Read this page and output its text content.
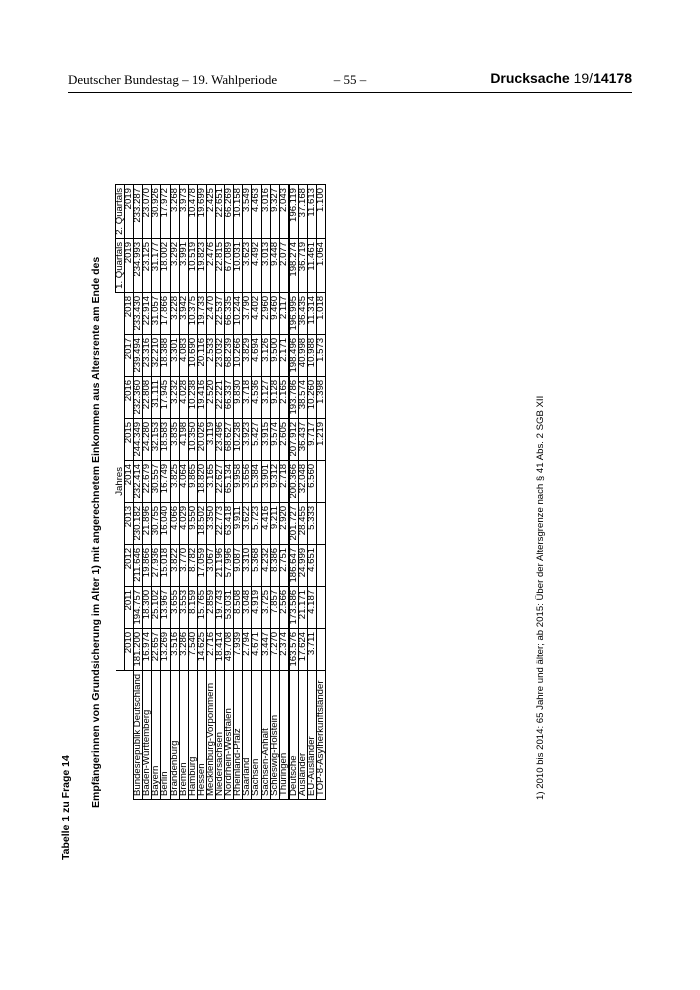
Deutscher Bundestag – 19. Wahlperiode	– 55 –	Drucksache 19/14178
Tabelle 1 zu Frage 14 Empfängerinnen von Grundsicherung im Alter 1) mit angerechnetem Einkommen aus Altersrente am Ende des
	Jahres									1. Quartals	2. Quartals
	2010	2011	2012	2013	2014	2015	2016	2017	2018	2019	2019
Bundesrepublik Deutschland	181.200	194.757	211.646	230.182	232.414	244.349	232.360	239.494	233.430	234.993	233.287
Baden-Württemberg	16.974	18.300	19.866	21.896	22.679	24.280	22.808	23.316	22.914	23.125	23.070
Bayern	22.657	25.102	27.936	30.755	30.557	32.153	31.111	32.210	31.057	31.177	30.926
Berlin	13.269	13.967	15.018	16.040	16.749	18.583	17.945	18.388	17.866	18.002	17.972
Brandenburg	3.516	3.655	3.822	4.066	3.825	3.835	3.232	3.301	3.228	3.292	3.268
Bremen	3.286	3.553	3.770	4.029	4.064	4.198	4.028	4.083	3.942	3.991	3.973
Hamburg	7.540	8.159	8.782	9.550	9.865	10.350	10.238	10.690	10.375	10.519	10.478
Hessen	14.625	15.765	17.059	18.502	18.820	20.026	19.416	20.116	19.733	19.823	19.699
Mecklenburg-Vorpommern	2.716	2.859	3.067	3.350	3.165	3.119	2.520	2.533	2.470	2.476	2.425
Niedersachsen	18.414	19.743	21.196	22.773	22.627	23.496	22.221	23.032	22.537	22.815	22.651
Nordrhein-Westfalen	49.708	53.031	57.996	63.418	65.134	68.627	66.337	68.239	66.335	67.089	66.269
Rheinland-Pfalz	7.939	8.508	9.087	9.911	9.958	10.238	9.830	10.266	10.244	10.031	10.158
Saarland	2.794	3.048	3.310	3.622	3.656	3.923	3.718	3.829	3.790	3.623	3.549
Sachsen	4.671	4.919	5.368	5.723	5.384	5.427	4.536	4.694	4.402	4.492	4.463
Sachsen-Anhalt	3.447	3.725	4.232	4.416	3.901	3.915	3.127	3.126	2.960	3.013	3.016
Schleswig-Holstein	7.270	7.857	8.386	9.211	9.312	9.574	9.128	9.500	9.460	9.448	9.327
Thüringen	2.374	2.566	2.751	2.920	2.718	2.605	2.165	2.171	2.117	2.077	2.043
Deutsche	163.576	173.586	186.647	201.727	200.366	207.912	193.786	198.496	196.995	198.274	196.119
Ausländer	17.624	21.171	24.999	28.455	32.048	36.437	38.574	40.998	36.435	36.719	37.168
EU-Ausländer	3.711	4.187	4.651	5.333	6.560	9.717	10.260	10.988	11.314	11.461	11.613
TOP-8-Asylherkunftsländer						1.219	1.398	1.573	1.018	1.064	1.100
1) 2010 bis 2014: 65 Jahre und älter; ab 2015: Über der Altersgrenze nach § 41 Abs. 2 SGB XII
